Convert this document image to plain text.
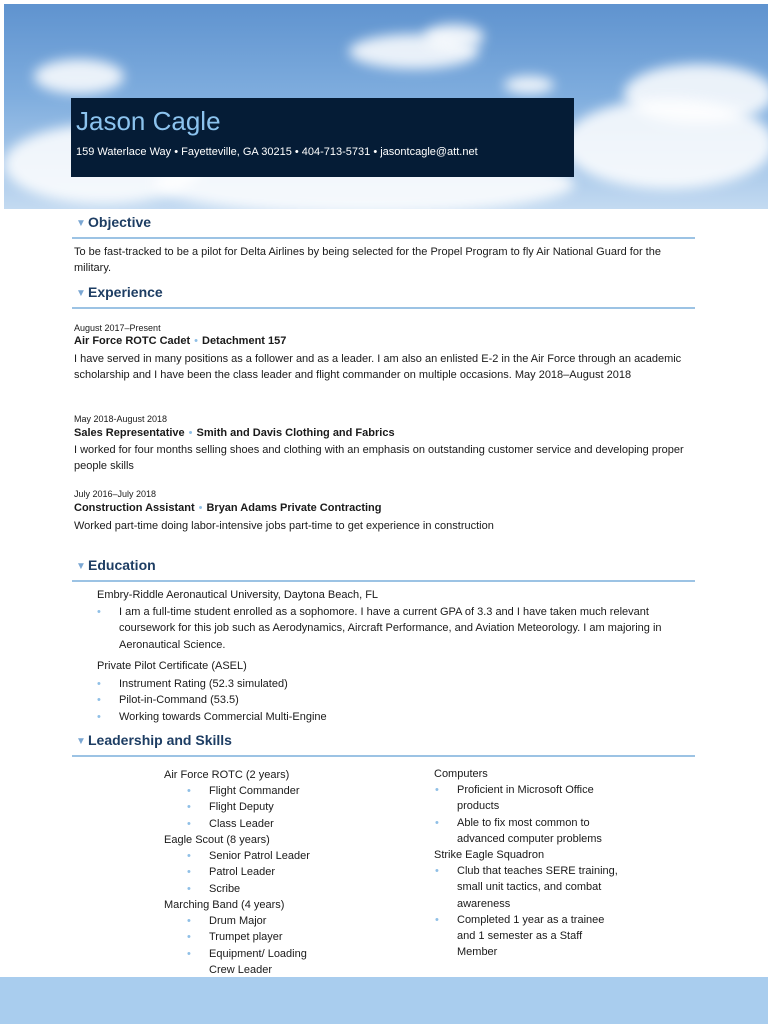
Jason Cagle
159 Waterlace Way • Fayetteville, GA 30215 • 404-713-5731 • jasontcagle@att.net
▼ Objective
To be fast-tracked to be a pilot for Delta Airlines by being selected for the Propel Program to fly Air National Guard for the military.
▼ Experience
August 2017–Present
Air Force ROTC Cadet • Detachment 157
I have served in many positions as a follower and as a leader. I am also an enlisted E-2 in the Air Force through an academic scholarship and I have been the class leader and flight commander on multiple occasions. May 2018–August 2018
May 2018-August 2018
Sales Representative • Smith and Davis Clothing and Fabrics
I worked for four months selling shoes and clothing with an emphasis on outstanding customer service and developing proper people skills
July 2016–July 2018
Construction Assistant • Bryan Adams Private Contracting
Worked part-time doing labor-intensive jobs part-time to get experience in construction
▼ Education
Embry-Riddle Aeronautical University, Daytona Beach, FL
• I am a full-time student enrolled as a sophomore. I have a current GPA of 3.3 and I have taken much relevant coursework for this job such as Aerodynamics, Aircraft Performance, and Aviation Meteorology. I am majoring in Aeronautical Science.
Private Pilot Certificate (ASEL)
• Instrument Rating (52.3 simulated)
• Pilot-in-Command (53.5)
• Working towards Commercial Multi-Engine
▼ Leadership and Skills
Air Force ROTC (2 years)
• Flight Commander
• Flight Deputy
• Class Leader
Eagle Scout (8 years)
• Senior Patrol Leader
• Patrol Leader
• Scribe
Marching Band (4 years)
• Drum Major
• Trumpet player
• Equipment/ Loading Crew Leader
Computers
• Proficient in Microsoft Office products
• Able to fix most common to advanced computer problems
Strike Eagle Squadron
• Club that teaches SERE training, small unit tactics, and combat awareness
• Completed 1 year as a trainee and 1 semester as a Staff Member
